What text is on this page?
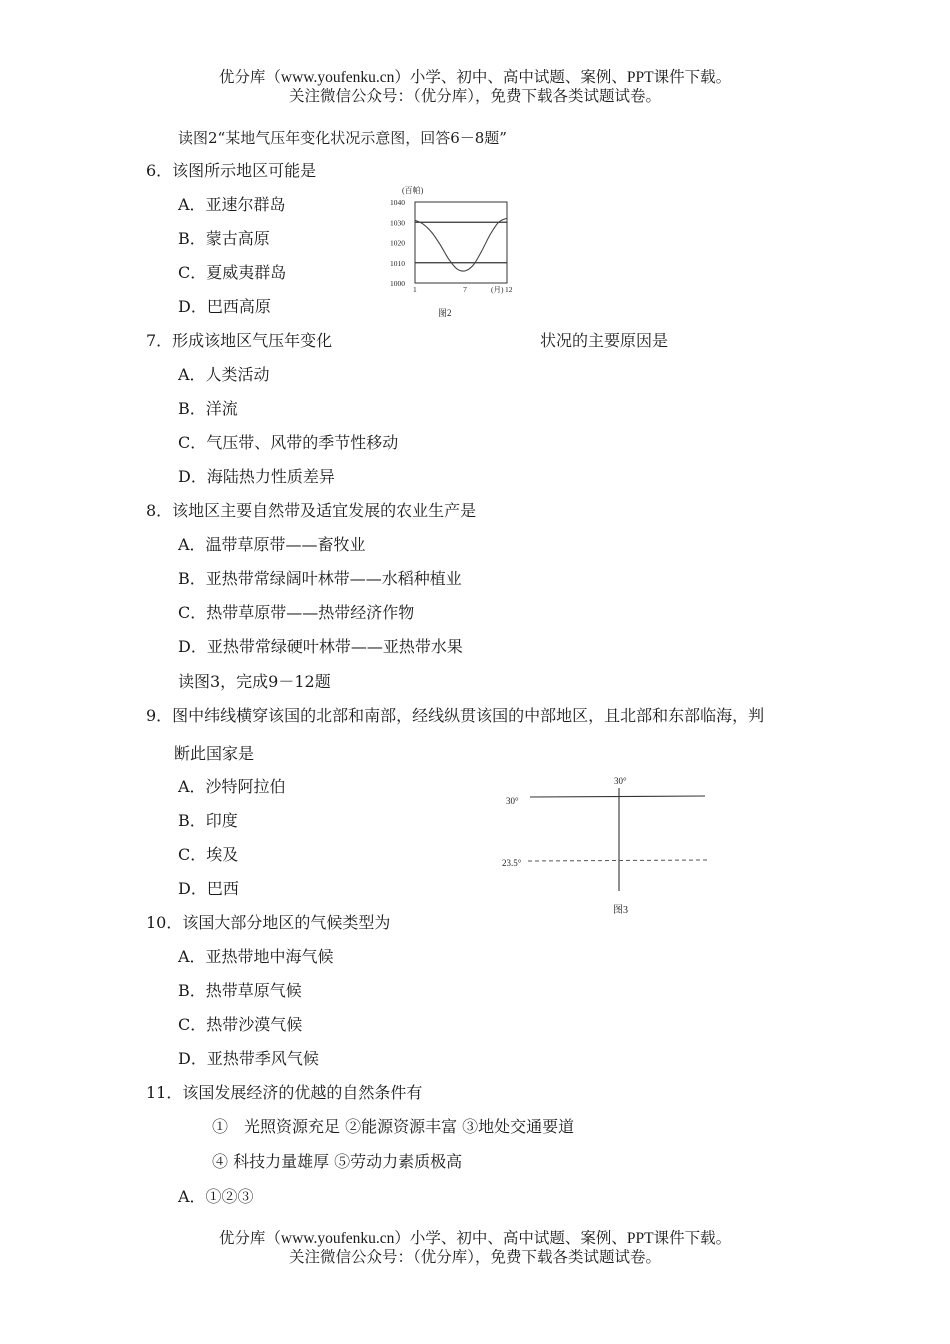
优分库（www.youfenku.cn）小学、初中、高中试题、案例、PPT课件下载。
关注微信公众号：（优分库），免费下载各类试题试卷。
读图2“某地气压年变化状况示意图，回答6－8题”
6．该图所示地区可能是
A．亚速尔群岛
B．蒙古高原
C．夏威夷群岛
D．巴西高原
(百帕)
1040
1030
1020
1010
1000
1	7	12
(月)
图2
7．形成该地区气压年变化	状况的主要原因是
A．人类活动
B．洋流
C．气压带、风带的季节性移动
D．海陆热力性质差异
8．该地区主要自然带及适宜发展的农业生产是
A．温带草原带——畜牧业
B．亚热带常绿阔叶林带——水稻种植业
C．热带草原带——热带经济作物
D．亚热带常绿硬叶林带——亚热带水果
读图3，完成9－12题
9．图中纬线横穿该国的北部和南部，经线纵贯该国的中部地区，且北部和东部临海，判
断此国家是
A．沙特阿拉伯
B．印度
C．埃及
D．巴西
30°
30°
23.5°
图3
10．该国大部分地区的气候类型为
A．亚热带地中海气候
B．热带草原气候
C．热带沙漠气候
D．亚热带季风气候
11．该国发展经济的优越的自然条件有
①　光照资源充足 ②能源资源丰富 ③地处交通要道
④ 科技力量雄厚 ⑤劳动力素质极高
A．①②③
优分库（www.youfenku.cn）小学、初中、高中试题、案例、PPT课件下载。
关注微信公众号：（优分库），免费下载各类试题试卷。
